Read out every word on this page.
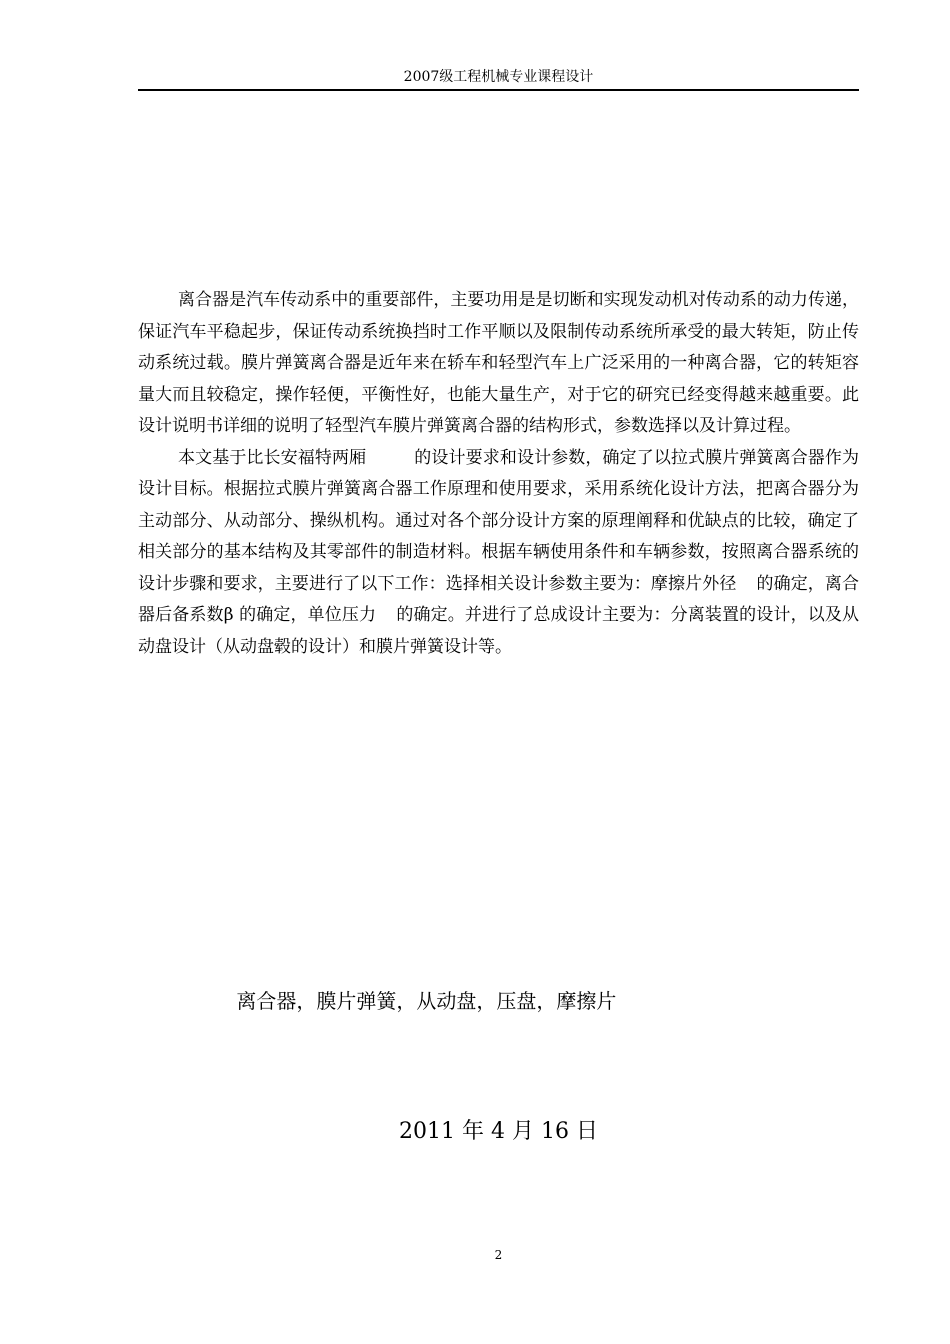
2007级工程机械专业课程设计

离合器是汽车传动系中的重要部件，主要功用是是切断和实现发动机对传动系的动力传递，保证汽车平稳起步，保证传动系统换挡时工作平顺以及限制传动系统所承受的最大转矩，防止传动系统过载。膜片弹簧离合器是近年来在轿车和轻型汽车上广泛采用的一种离合器，它的转矩容量大而且较稳定，操作轻便，平衡性好，也能大量生产，对于它的研究已经变得越来越重要。此设计说明书详细的说明了轻型汽车膜片弹簧离合器的结构形式，参数选择以及计算过程。

本文基于比长安福特两厢	的设计要求和设计参数，确定了以拉式膜片弹簧离合器作为设计目标。根据拉式膜片弹簧离合器工作原理和使用要求，采用系统化设计方法，把离合器分为主动部分、从动部分、操纵机构。通过对各个部分设计方案的原理阐释和优缺点的比较，确定了相关部分的基本结构及其零部件的制造材料。根据车辆使用条件和车辆参数，按照离合器系统的设计步骤和要求，主要进行了以下工作：选择相关设计参数主要为：摩擦片外径 的确定，离合器后备系数β 的确定，单位压力 的确定。并进行了总成设计主要为：分离装置的设计，以及从动盘设计（从动盘毂的设计）和膜片弹簧设计等。

离合器，膜片弹簧，从动盘，压盘，摩擦片
2011 年 4 月 16 日
2
